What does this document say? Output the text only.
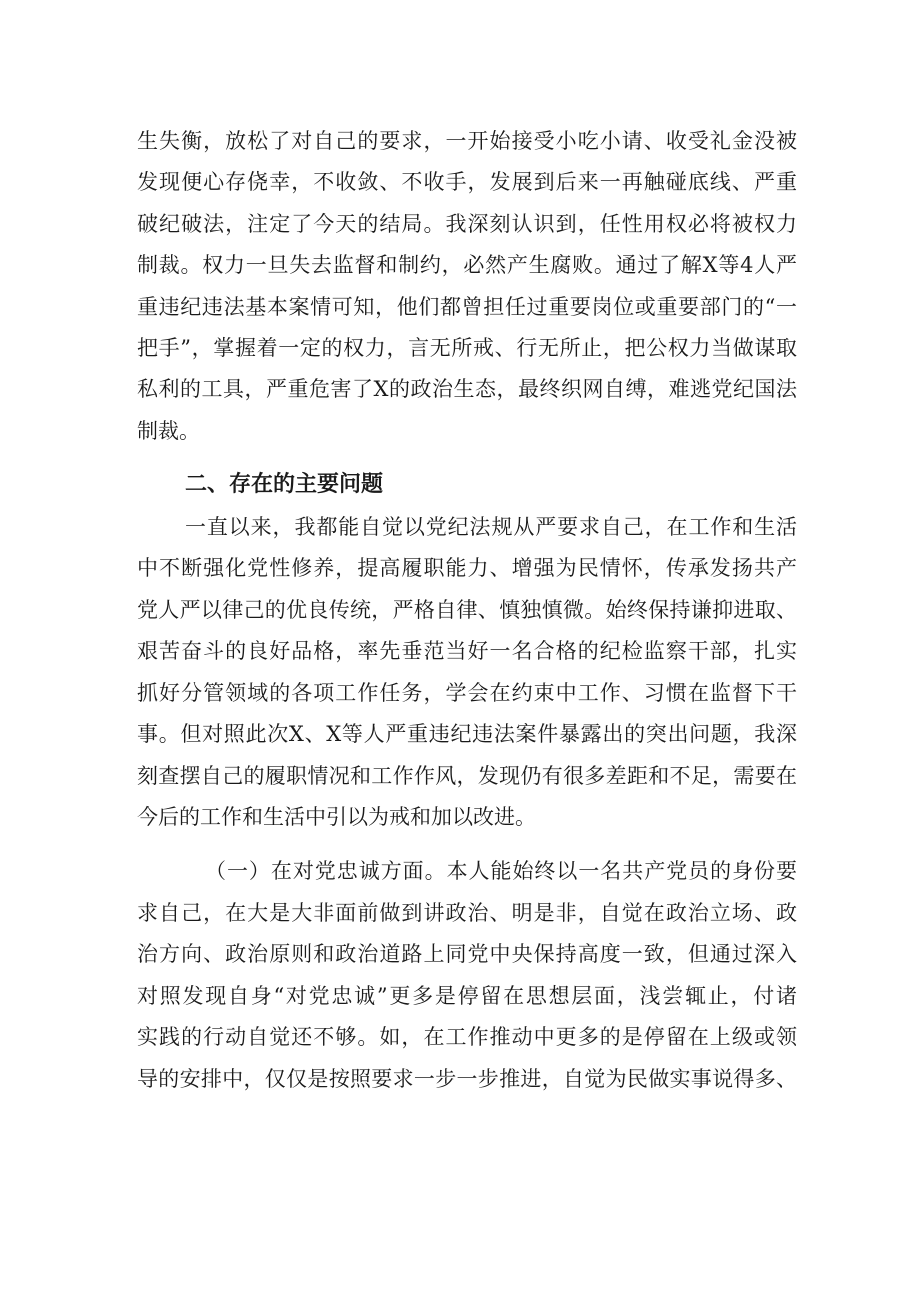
生失衡，放松了对自己的要求，一开始接受小吃小请、收受礼金没被
发现便心存侥幸，不收敛、不收手，发展到后来一再触碰底线、严重
破纪破法，注定了今天的结局。我深刻认识到，任性用权必将被权力
制裁。权力一旦失去监督和制约，必然产生腐败。通过了解X等4人严
重违纪违法基本案情可知，他们都曾担任过重要岗位或重要部门的“一
把手”，掌握着一定的权力，言无所戒、行无所止，把公权力当做谋取
私利的工具，严重危害了X的政治生态，最终织网自缚，难逃党纪国法
制裁。
二、存在的主要问题
一直以来，我都能自觉以党纪法规从严要求自己，在工作和生活
中不断强化党性修养，提高履职能力、增强为民情怀，传承发扬共产
党人严以律己的优良传统，严格自律、慎独慎微。始终保持谦抑进取、
艰苦奋斗的良好品格，率先垂范当好一名合格的纪检监察干部，扎实
抓好分管领域的各项工作任务，学会在约束中工作、习惯在监督下干
事。但对照此次X、X等人严重违纪违法案件暴露出的突出问题，我深
刻查摆自己的履职情况和工作作风，发现仍有很多差距和不足，需要在
今后的工作和生活中引以为戒和加以改进。
（一）在对党忠诚方面。本人能始终以一名共产党员的身份要
求自己，在大是大非面前做到讲政治、明是非，自觉在政治立场、政
治方向、政治原则和政治道路上同党中央保持高度一致，但通过深入
对照发现自身“对党忠诚”更多是停留在思想层面，浅尝辄止，付诸
实践的行动自觉还不够。如，在工作推动中更多的是停留在上级或领
导的安排中，仅仅是按照要求一步一步推进，自觉为民做实事说得多、
